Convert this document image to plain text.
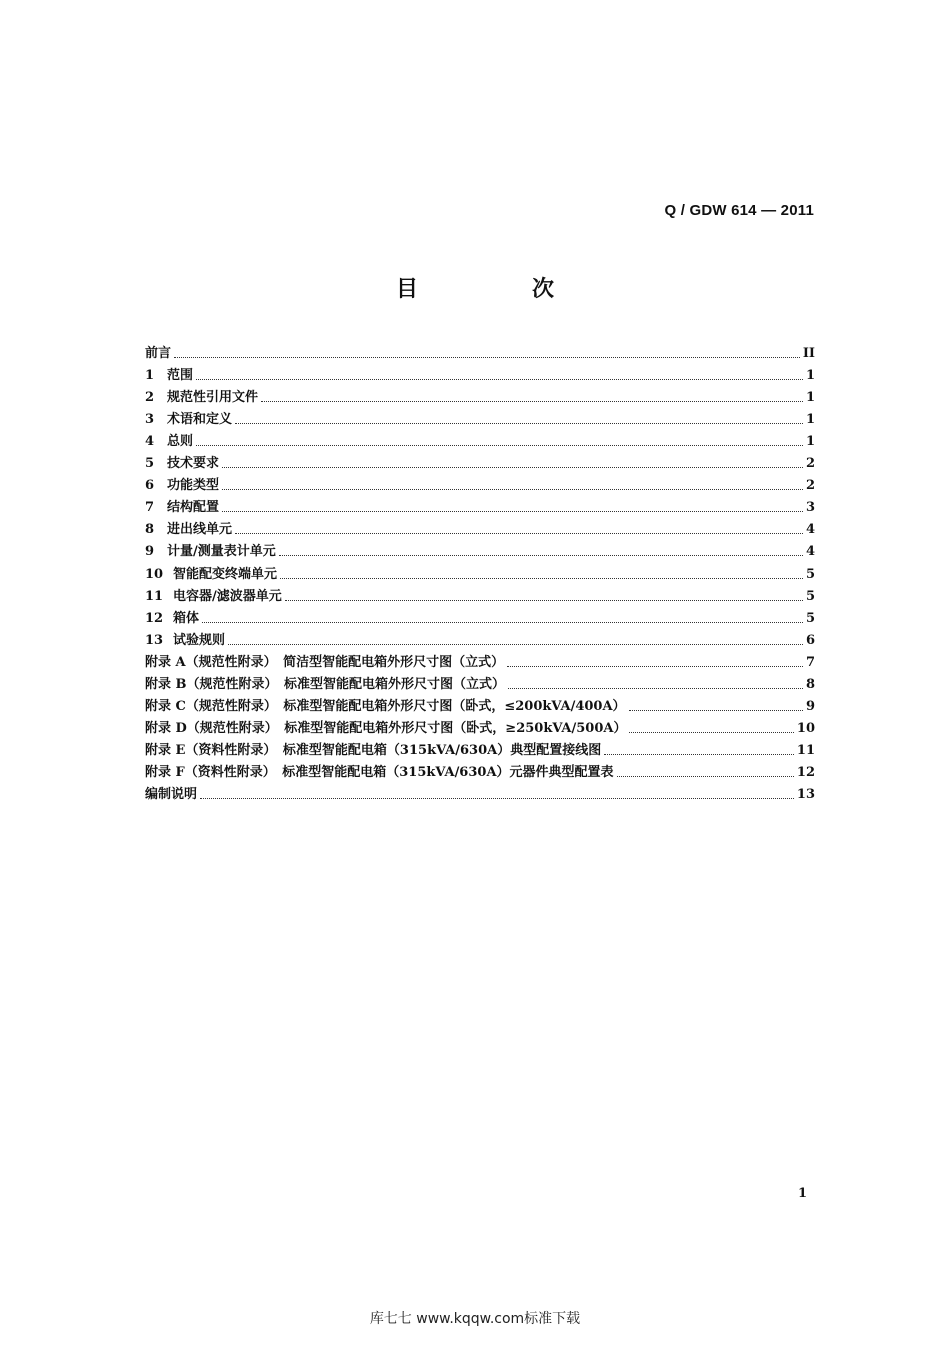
Q / GDW 614 — 2011
目　次
前言	II
1 范围	1
2 规范性引用文件	1
3 术语和定义	1
4 总则	1
5 技术要求	2
6 功能类型	2
7 结构配置	3
8 进出线单元	4
9 计量/测量表计单元	4
10 智能配变终端单元	5
11 电容器/滤波器单元	5
12 箱体	5
13 试验规则	6
附录 A（规范性附录）　简洁型智能配电箱外形尺寸图（立式）	7
附录 B（规范性附录）　标准型智能配电箱外形尺寸图（立式）	8
附录 C（规范性附录）　标准型智能配电箱外形尺寸图（卧式，≤200kVA/400A）	9
附录 D（规范性附录）　标准型智能配电箱外形尺寸图（卧式，≥250kVA/500A）	10
附录 E（资料性附录）　标准型智能配电箱（315kVA/630A）典型配置接线图	11
附录 F（资料性附录）　标准型智能配电箱（315kVA/630A）元器件典型配置表	12
编制说明	13
1
库七七 www.kqqw.com标准下载
